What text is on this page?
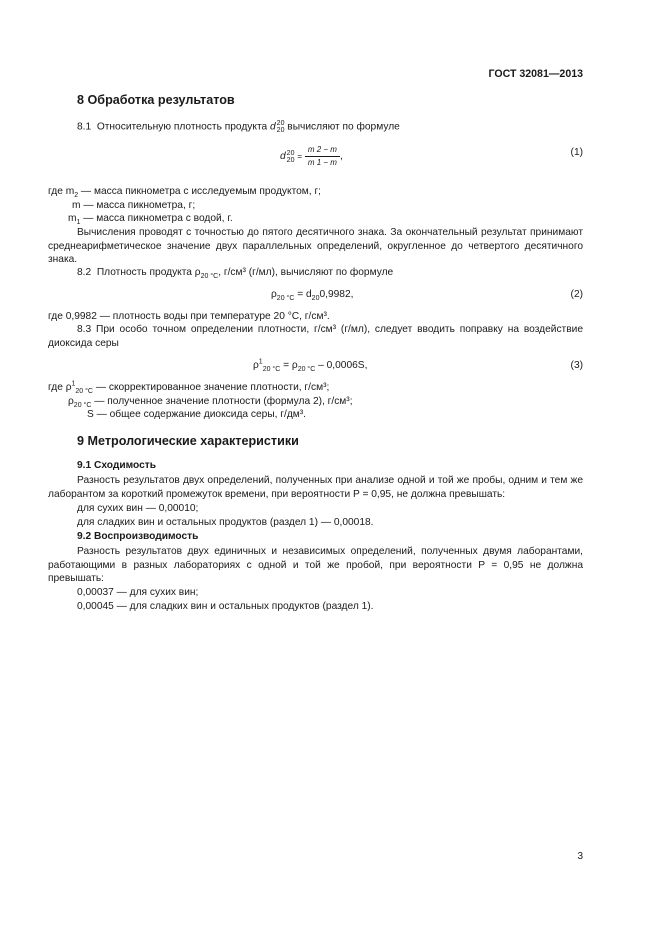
ГОСТ 32081—2013
8 Обработка результатов
8.1 Относительную плотность продукта d 20
20 вычисляют по формуле
d 20
$20 = \frac{m 2 - m}{m 1 - m}$ ,	(1)
где $m_2$ — масса пикнометра с исследуемым продуктом, г;
m — масса пикнометра, г;
$m_1$ — масса пикнометра с водой, г.
Вычисления проводят с точностью до пятого десятичного знака. За окончательный результат принимают среднеарифметическое значение двух параллельных определений, округленное до четвертого десятичного знака.
8.2 Плотность продукта $\rho_{20 ^\circ С}$, г/см³ (г/мл), вычисляют по формуле
$\rho_{20 ^\circ С} = d_{20}0,9982$,	(2)
где 0,9982 — плотность воды при температуре 20 °С, г/см³.
8.3 При особо точном определении плотности, г/см³ (г/мл), следует вводить поправку на воздействие диоксида серы
$\rho^1_{20 ^\circ С} = \rho_{20 ^\circ С} - 0,0006S$,	(3)
где $\rho^1_{20 ^\circ С}$ — скорректированное значение плотности, г/см³;
$\rho_{20 ^\circ С}$ — полученное значение плотности (формула 2), г/см³;
S — общее содержание диоксида серы, г/дм³.
9 Метрологические характеристики
9.1 Сходимость
Разность результатов двух определений, полученных при анализе одной и той же пробы, одним и тем же лаборантом за короткий промежуток времени, при вероятности P = 0,95, не должна превышать:
для сухих вин — 0,00010;
для сладких вин и остальных продуктов (раздел 1) — 0,00018.
9.2 Воспроизводимость
Разность результатов двух единичных и независимых определений, полученных двумя лаборантами, работающими в разных лабораториях с одной и той же пробой, при вероятности P = 0,95 не должна превышать:
0,00037 — для сухих вин;
0,00045 — для сладких вин и остальных продуктов (раздел 1).
3
